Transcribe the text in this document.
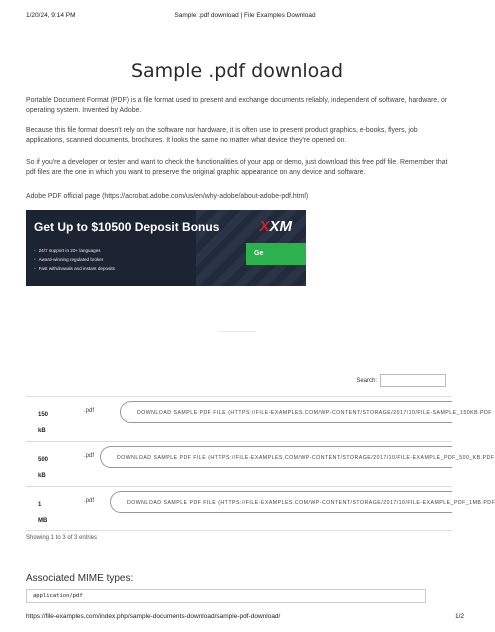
1/20/24, 9:14 PM	Sample .pdf download | File Examples Download
Sample .pdf download

Portable Document Format (PDF) is a file format used to present and exchange documents reliably, independent of software, hardware, or operating system. Invented by Adobe.

Because this file format doesn't rely on the software nor hardware, it is often use to present product graphics, e-books, flyers, job applications, scanned documents, brochures. It looks the same no matter what device they're opened on.

So if you're a developer or tester and want to check the functionalities of your app or demo, just download this free pdf file. Remember that pdf files are the one in which you want to preserve the original graphic appearance on any device and software.

Adobe PDF official page (https://acrobat.adobe.com/us/en/why-adobe/about-adobe-pdf.html)

Get Up to $10500 Deposit Bonus	XXM
Ge
• 24/7 support in 20+ languages
• Award-winning regulated broker
• Fast withdrawals and instant deposits
Search:
150
kB
.pdf	DOWNLOAD SAMPLE PDF FILE (HTTPS://FILE-EXAMPLES.COM/WP-CONTENT/STORAGE/2017/10/FILE-SAMPLE_150KB.PDF
500
kB
.pdf	DOWNLOAD SAMPLE PDF FILE (HTTPS://FILE-EXAMPLES.COM/WP-CONTENT/STORAGE/2017/10/FILE-EXAMPLE_PDF_500_KB.PDF
1
MB
.pdf	DOWNLOAD SAMPLE PDF FILE (HTTPS://FILE-EXAMPLES.COM/WP-CONTENT/STORAGE/2017/10/FILE-EXAMPLE_PDF_1MB.PDF
Showing 1 to 3 of 3 entries
Associated MIME types:
application/pdf
https://file-examples.com/index.php/sample-documents-download/sample-pdf-download/	1/2
